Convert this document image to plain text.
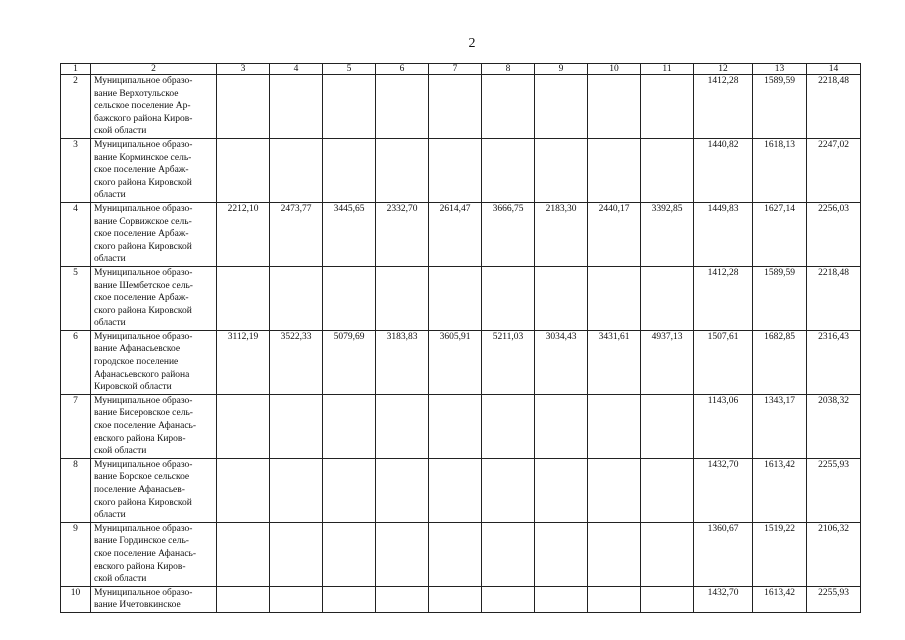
2
1	2	3	4	5	6	7	8	9	10	11	12	13	14
2	Муниципальное образо-
вание Верхотульское
сельское поселение Ар-
бажского района Киров-
ской области										1412,28	1589,59	2218,48
3	Муниципальное образо-
вание Корминское сель-
ское поселение Арбаж-
ского района Кировской
области										1440,82	1618,13	2247,02
4	Муниципальное образо-
вание Сорвижское сель-
ское поселение Арбаж-
ского района Кировской
области	2212,10	2473,77	3445,65	2332,70	2614,47	3666,75	2183,30	2440,17	3392,85	1449,83	1627,14	2256,03
5	Муниципальное образо-
вание Шембетское сель-
ское поселение Арбаж-
ского района Кировской
области										1412,28	1589,59	2218,48
6	Муниципальное образо-
вание Афанасьевское
городское поселение
Афанасьевского района
Кировской области	3112,19	3522,33	5079,69	3183,83	3605,91	5211,03	3034,43	3431,61	4937,13	1507,61	1682,85	2316,43
7	Муниципальное образо-
вание Бисеровское сель-
ское поселение Афанась-
евского района Киров-
ской области										1143,06	1343,17	2038,32
8	Муниципальное образо-
вание Борское сельское
поселение Афанасьев-
ского района Кировской
области										1432,70	1613,42	2255,93
9	Муниципальное образо-
вание Гординское сель-
ское поселение Афанась-
евского района Киров-
ской области										1360,67	1519,22	2106,32
10	Муниципальное образо-
вание Ичетовкинское										1432,70	1613,42	2255,93
